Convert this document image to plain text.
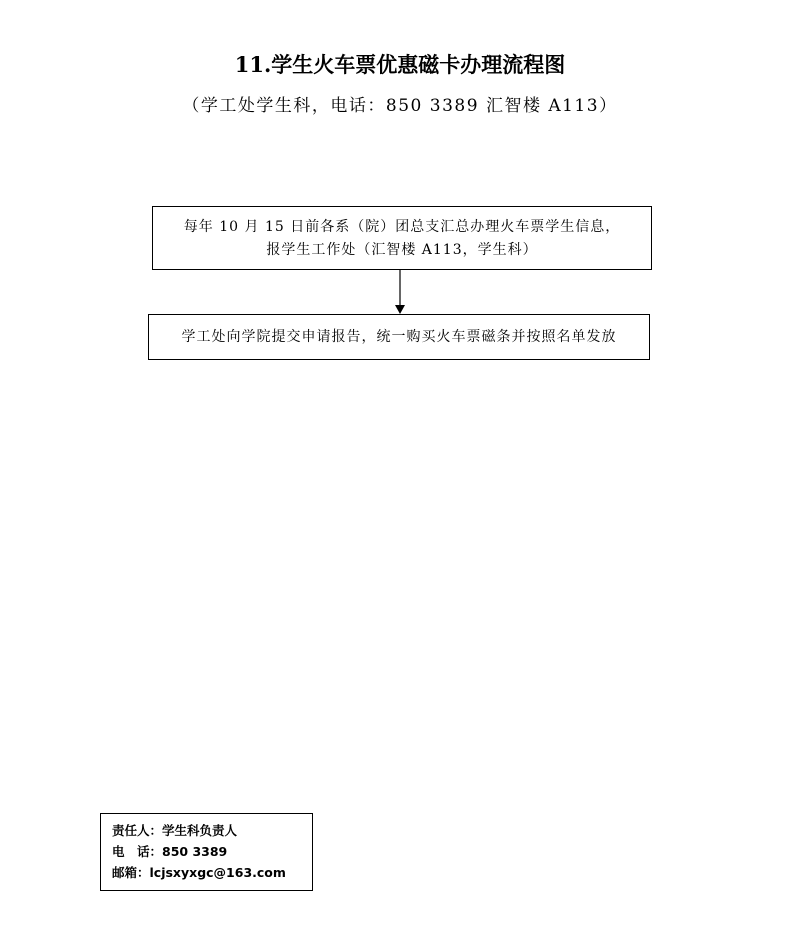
11.学生火车票优惠磁卡办理流程图
（学工处学生科，电话：850 3389 汇智楼 A113）
每年 10 月 15 日前各系（院）团总支汇总办理火车票学生信息，
报学生工作处（汇智楼 A113，学生科）
学工处向学院提交申请报告，统一购买火车票磁条并按照名单发放
责任人：学生科负责人
电　话：850 3389
邮箱：lcjsxyxgc@163.com
